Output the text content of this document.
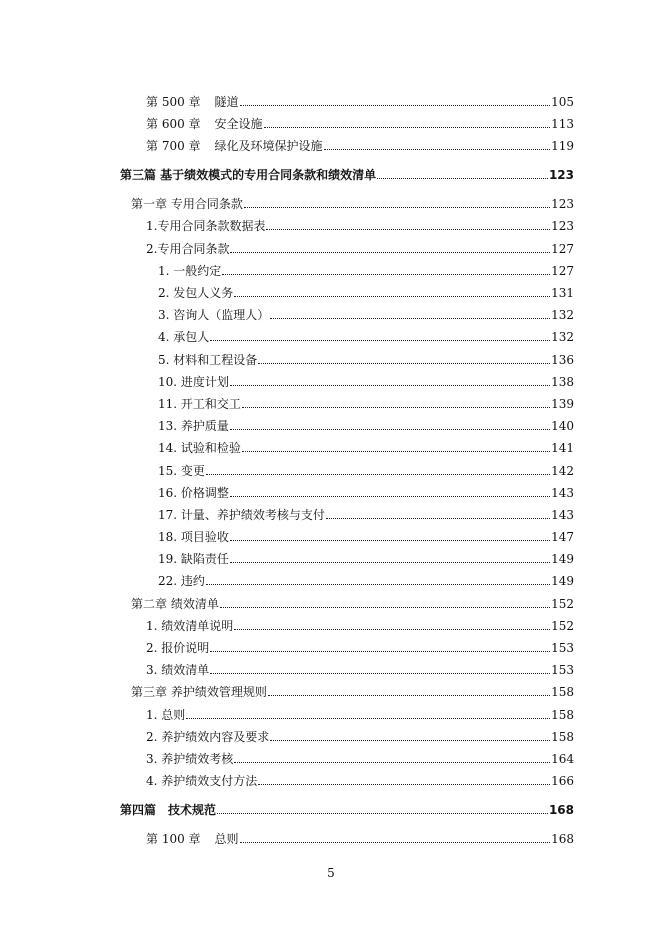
第 500 章 隧道	105
第 600 章 安全设施	113
第 700 章 绿化及环境保护设施	119
第三篇 基于绩效模式的专用合同条款和绩效清单	123
第一章 专用合同条款	123
1.专用合同条款数据表	123
2.专用合同条款	127
1. 一般约定	127
2. 发包人义务	131
3. 咨询人（监理人）	132
4. 承包人	132
5. 材料和工程设备	136
10. 进度计划	138
11. 开工和交工	139
13. 养护质量	140
14. 试验和检验	141
15. 变更	142
16. 价格调整	143
17. 计量、养护绩效考核与支付	143
18. 项目验收	147
19. 缺陷责任	149
22. 违约	149
第二章 绩效清单	152
1. 绩效清单说明	152
2. 报价说明	153
3. 绩效清单	153
第三章 养护绩效管理规则	158
1. 总则	158
2. 养护绩效内容及要求	158
3. 养护绩效考核	164
4. 养护绩效支付方法	166
第四篇　技术规范	168
第 100 章 总则	168
5
